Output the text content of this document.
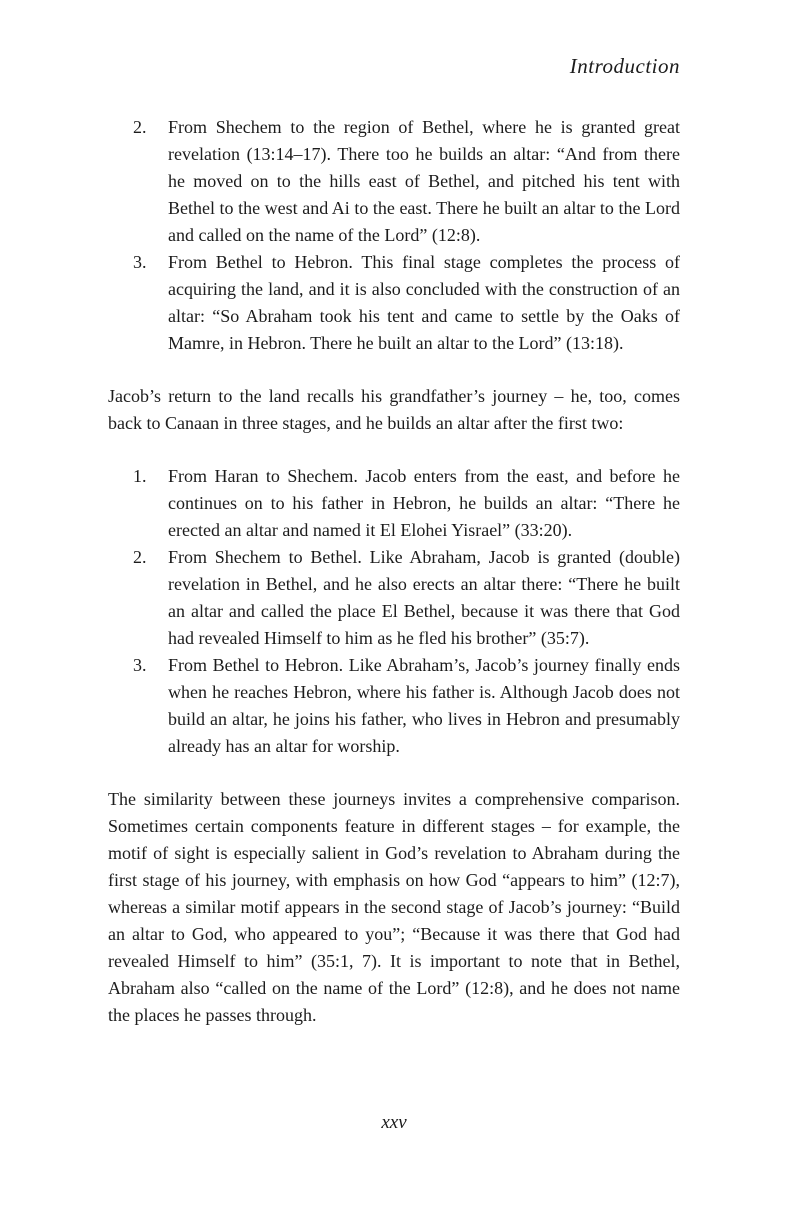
Introduction
2.	From Shechem to the region of Bethel, where he is granted great revelation (13:14–17). There too he builds an altar: “And from there he moved on to the hills east of Bethel, and pitched his tent with Bethel to the west and Ai to the east. There he built an altar to the Lord and called on the name of the Lord” (12:8).
3.	From Bethel to Hebron. This final stage completes the process of acquiring the land, and it is also concluded with the construction of an altar: “So Abraham took his tent and came to settle by the Oaks of Mamre, in Hebron. There he built an altar to the Lord” (13:18).

Jacob’s return to the land recalls his grandfather’s journey – he, too, comes back to Canaan in three stages, and he builds an altar after the first two:

1.	From Haran to Shechem. Jacob enters from the east, and before he continues on to his father in Hebron, he builds an altar: “There he erected an altar and named it El Elohei Yisrael” (33:20).
2.	From Shechem to Bethel. Like Abraham, Jacob is granted (double) revelation in Bethel, and he also erects an altar there: “There he built an altar and called the place El Bethel, because it was there that God had revealed Himself to him as he fled his brother” (35:7).
3.	From Bethel to Hebron. Like Abraham’s, Jacob’s journey finally ends when he reaches Hebron, where his father is. Although Jacob does not build an altar, he joins his father, who lives in Hebron and presumably already has an altar for worship.

The similarity between these journeys invites a comprehensive comparison. Sometimes certain components feature in different stages – for example, the motif of sight is especially salient in God’s revelation to Abraham during the first stage of his journey, with emphasis on how God “appears to him” (12:7), whereas a similar motif appears in the second stage of Jacob’s journey: “Build an altar to God, who appeared to you”; “Because it was there that God had revealed Himself to him” (35:1, 7). It is important to note that in Bethel, Abraham also “called on the name of the Lord” (12:8), and he does not name the places he passes through.

xxv
